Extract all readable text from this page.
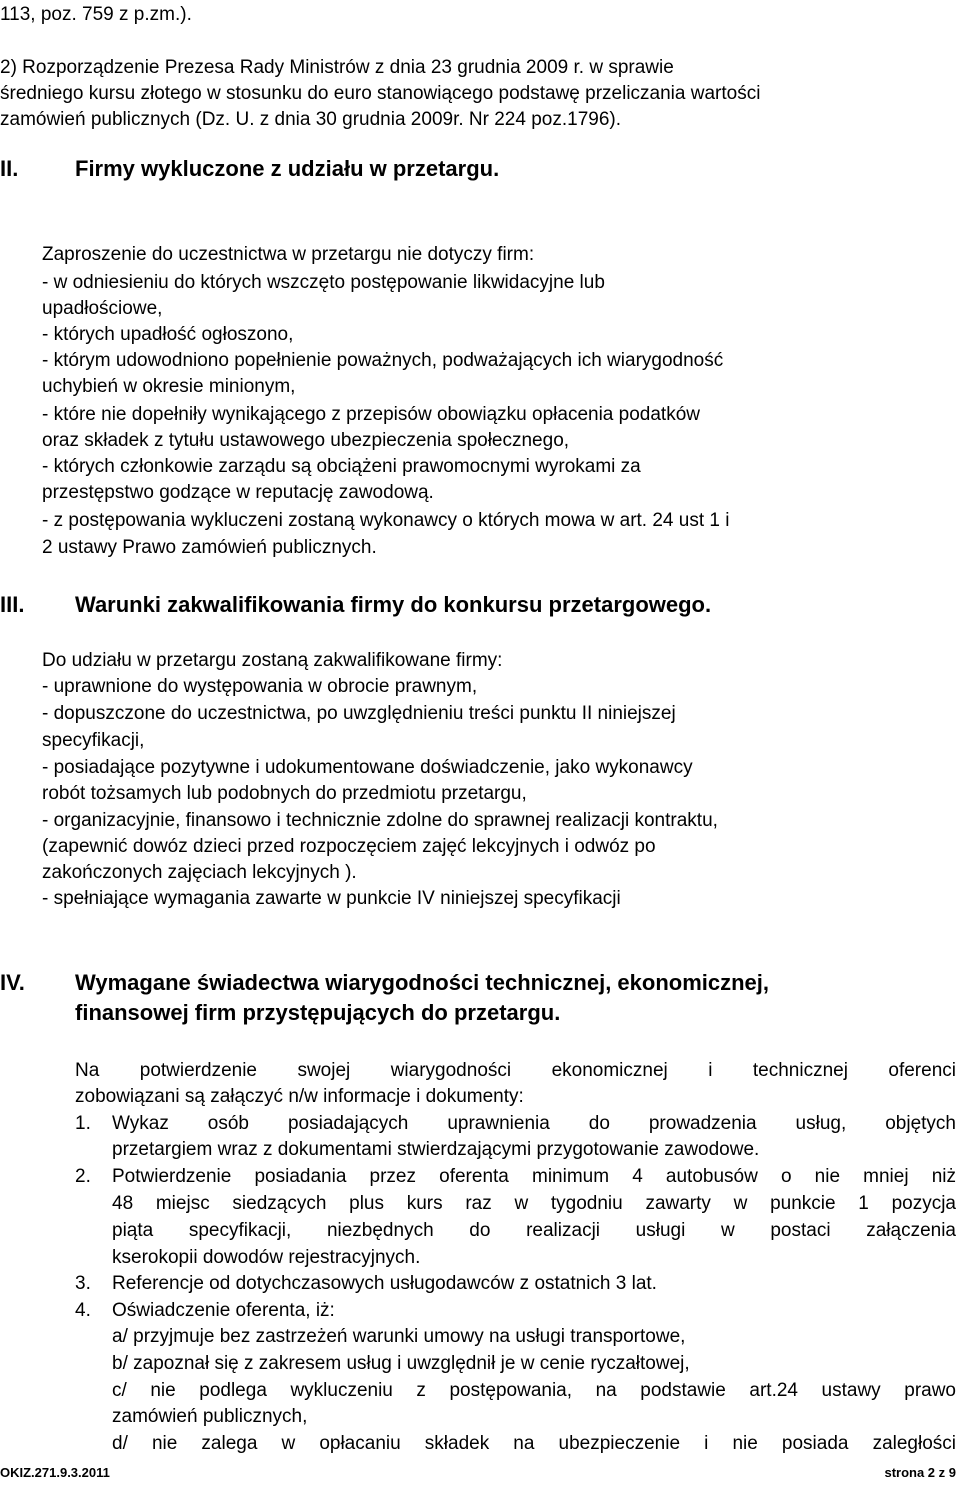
113, poz. 759 z p.zm.).
2) Rozporządzenie Prezesa Rady Ministrów z dnia 23 grudnia 2009 r. w sprawie
średniego kursu złotego w stosunku do euro stanowiącego podstawę przeliczania wartości
zamówień publicznych (Dz. U. z dnia 30 grudnia 2009r. Nr 224 poz.1796).
II.	Firmy wykluczone z udziału w przetargu.
Zaproszenie do uczestnictwa w przetargu nie dotyczy firm:
- w odniesieniu do których wszczęto postępowanie likwidacyjne lub
upadłościowe,
- których upadłość ogłoszono,
- którym udowodniono popełnienie poważnych, podważających ich wiarygodność
uchybień w okresie minionym,
- które nie dopełniły wynikającego z przepisów obowiązku opłacenia podatków
oraz składek z tytułu ustawowego ubezpieczenia społecznego,
- których członkowie zarządu są obciążeni prawomocnymi wyrokami za
przestępstwo godzące w reputację zawodową.
- z postępowania wykluczeni zostaną wykonawcy o których mowa w art. 24 ust 1 i
2 ustawy Prawo zamówień publicznych.
III. Warunki zakwalifikowania firmy do konkursu przetargowego.
Do udziału w przetargu zostaną zakwalifikowane firmy:
- uprawnione do występowania w obrocie prawnym,
- dopuszczone do uczestnictwa, po uwzględnieniu treści punktu II niniejszej
specyfikacji,
- posiadające pozytywne i udokumentowane doświadczenie, jako wykonawcy
robót tożsamych lub podobnych do przedmiotu przetargu,
- organizacyjnie, finansowo i technicznie zdolne do sprawnej realizacji kontraktu,
(zapewnić dowóz dzieci przed rozpoczęciem zajęć lekcyjnych i odwóz po
zakończonych zajęciach lekcyjnych ).
- spełniające wymagania zawarte w punkcie IV niniejszej specyfikacji
IV. Wymagane świadectwa wiarygodności technicznej, ekonomicznej,
finansowej firm przystępujących do przetargu.
Na potwierdzenie swojej wiarygodności ekonomicznej i technicznej oferenci
zobowiązani są załączyć n/w informacje i dokumenty:
1. Wykaz osób posiadających uprawnienia do prowadzenia usług, objętych
przetargiem wraz z dokumentami stwierdzającymi przygotowanie zawodowe.
2. Potwierdzenie posiadania przez oferenta minimum 4 autobusów o nie mniej niż
48 miejsc siedzących plus kurs raz w tygodniu zawarty w punkcie 1 pozycja
piąta specyfikacji, niezbędnych do realizacji usługi w postaci załączenia
kserokopii dowodów rejestracyjnych.
3. Referencje od dotychczasowych usługodawców z ostatnich 3 lat.
4. Oświadczenie oferenta, iż:
a/ przyjmuje bez zastrzeżeń warunki umowy na usługi transportowe,
b/ zapoznał się z zakresem usług i uwzględnił je w cenie ryczałtowej,
c/ nie podlega wykluczeniu z postępowania, na podstawie art.24 ustawy prawo
zamówień publicznych,
d/ nie zalega w opłacaniu składek na ubezpieczenie i nie posiada zaległości
OKIZ.271.9.3.2011	strona 2 z 9
